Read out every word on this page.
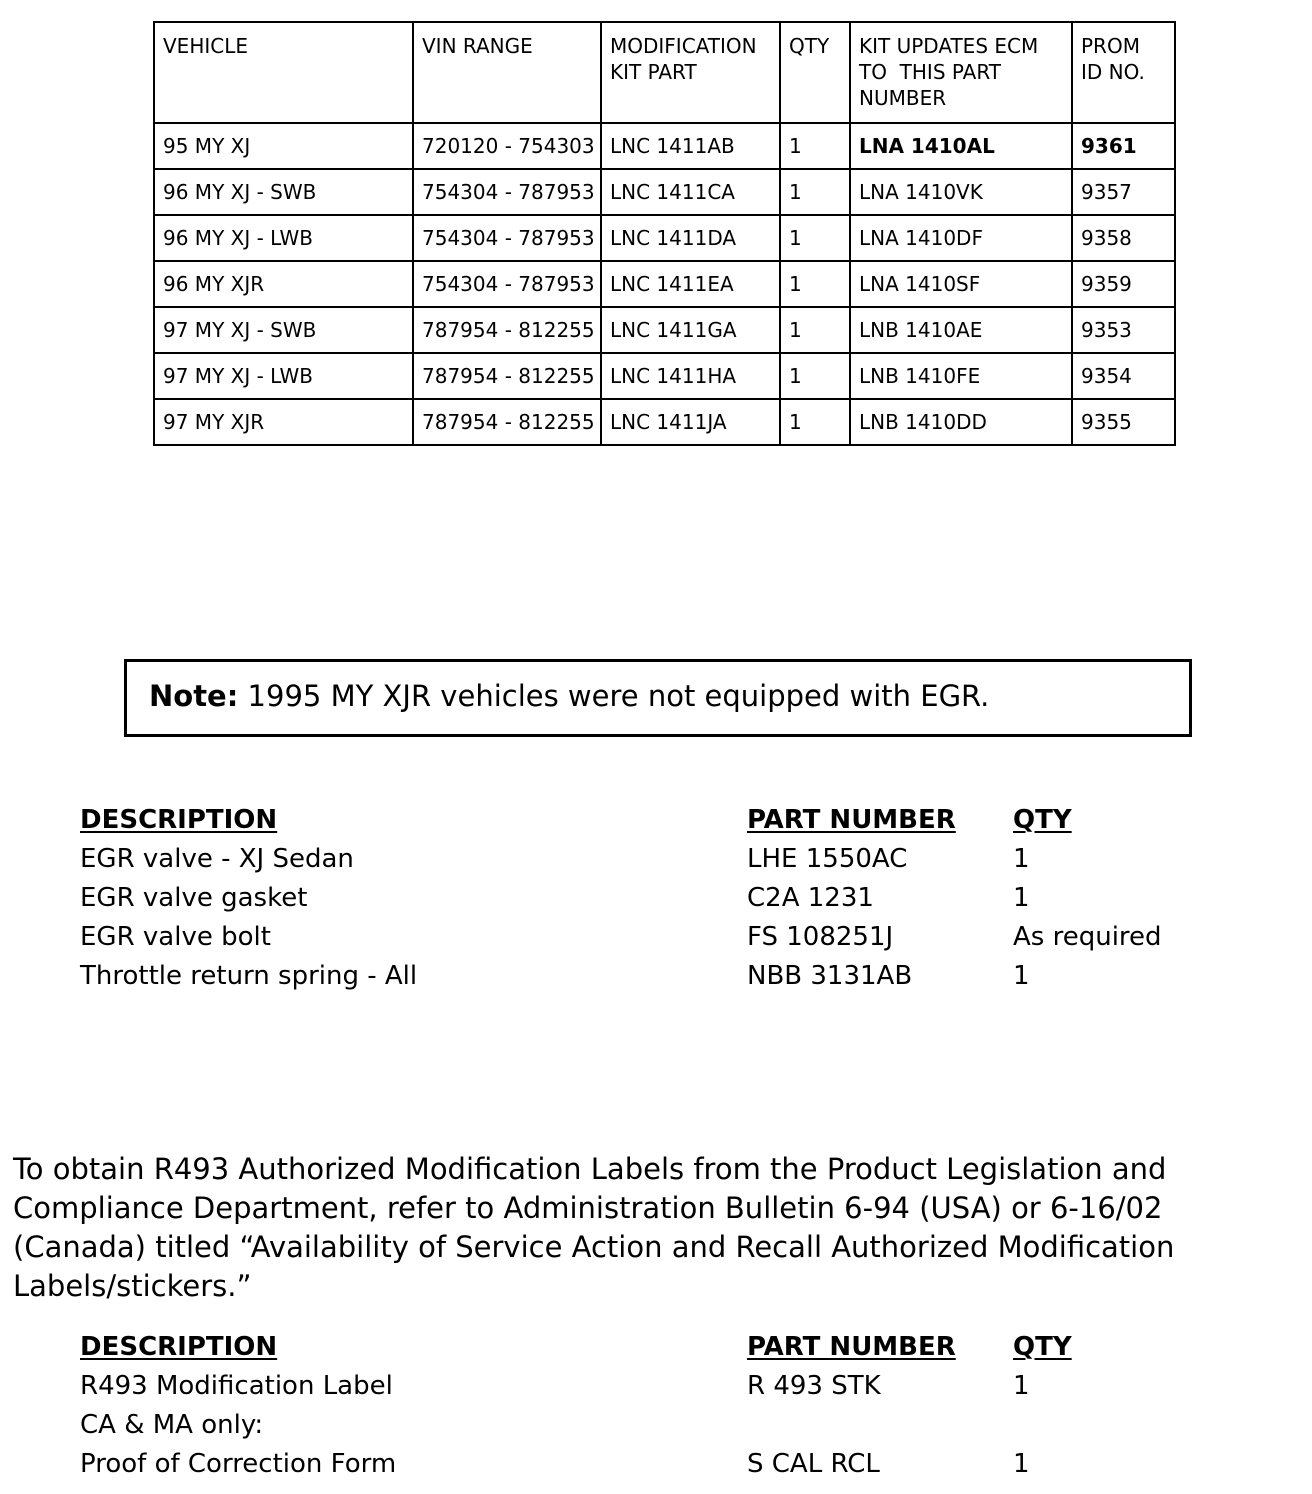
VEHICLE	VIN RANGE	MODIFICATION KIT PART	QTY	KIT UPDATES ECM TO  THIS PART NUMBER	PROM ID NO.
95 MY XJ	720120 - 754303	LNC 1411AB	1	LNA 1410AL	9361
96 MY XJ - SWB	754304 - 787953	LNC 1411CA	1	LNA 1410VK	9357
96 MY XJ - LWB	754304 - 787953	LNC 1411DA	1	LNA 1410DF	9358
96 MY XJR	754304 - 787953	LNC 1411EA	1	LNA 1410SF	9359
97 MY XJ - SWB	787954 - 812255	LNC 1411GA	1	LNB 1410AE	9353
97 MY XJ - LWB	787954 - 812255	LNC 1411HA	1	LNB 1410FE	9354
97 MY XJR	787954 - 812255	LNC 1411JA	1	LNB 1410DD	9355
Note: 1995 MY XJR vehicles were not equipped with EGR.
DESCRIPTION	PART NUMBER QTY
EGR valve - XJ Sedan	LHE 1550AC	1
EGR valve gasket	C2A 1231	1
EGR valve bolt	FS 108251J	As required
Throttle return spring - All	NBB 3131AB	1

To obtain R493 Authorized Modification Labels from the Product Legislation and Compliance Department, refer to Administration Bulletin 6-94 (USA) or 6-16/02 (Canada) titled “Availability of Service Action and Recall Authorized Modification Labels/stickers.”

DESCRIPTION	PART NUMBER QTY
R493 Modification Label	R 493 STK	1
CA & MA only:
Proof of Correction Form	S CAL RCL	1
